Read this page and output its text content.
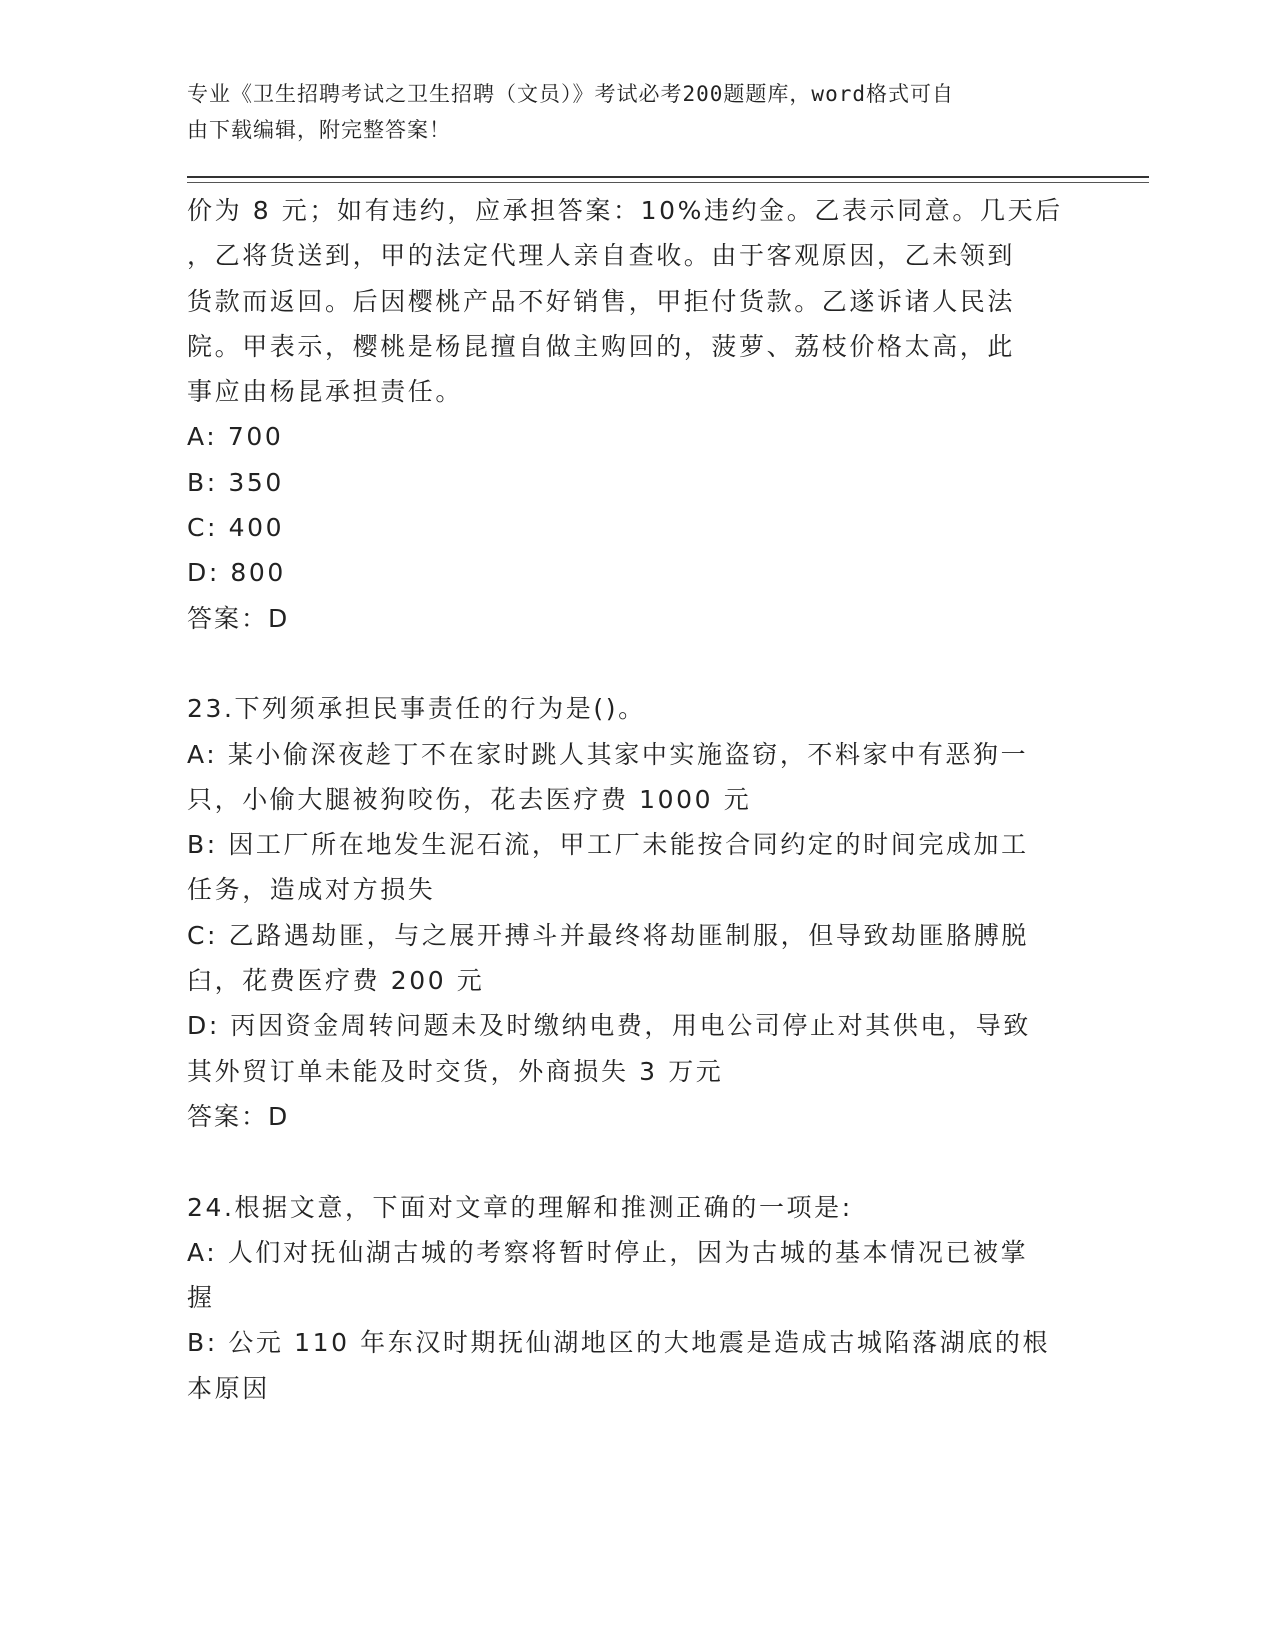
专业《卫生招聘考试之卫生招聘（文员）》考试必考200题题库，word格式可自
由下载编辑，附完整答案！
价为 8 元；如有违约，应承担答案：10%违约金。乙表示同意。几天后
，乙将货送到，甲的法定代理人亲自查收。由于客观原因，乙未领到
货款而返回。后因樱桃产品不好销售，甲拒付货款。乙遂诉诸人民法
院。甲表示，樱桃是杨昆擅自做主购回的，菠萝、荔枝价格太高，此
事应由杨昆承担责任。
A: 700
B: 350
C: 400
D: 800
答案：D
23.下列须承担民事责任的行为是()。
A: 某小偷深夜趁丁不在家时跳人其家中实施盗窃，不料家中有恶狗一
只，小偷大腿被狗咬伤，花去医疗费 1000 元
B: 因工厂所在地发生泥石流，甲工厂未能按合同约定的时间完成加工
任务，造成对方损失
C: 乙路遇劫匪，与之展开搏斗并最终将劫匪制服，但导致劫匪胳膊脱
臼，花费医疗费 200 元
D: 丙因资金周转问题未及时缴纳电费，用电公司停止对其供电，导致
其外贸订单未能及时交货，外商损失 3 万元
答案：D
24.根据文意，下面对文章的理解和推测正确的一项是:
A: 人们对抚仙湖古城的考察将暂时停止，因为古城的基本情况已被掌
握
B: 公元 110 年东汉时期抚仙湖地区的大地震是造成古城陷落湖底的根
本原因
